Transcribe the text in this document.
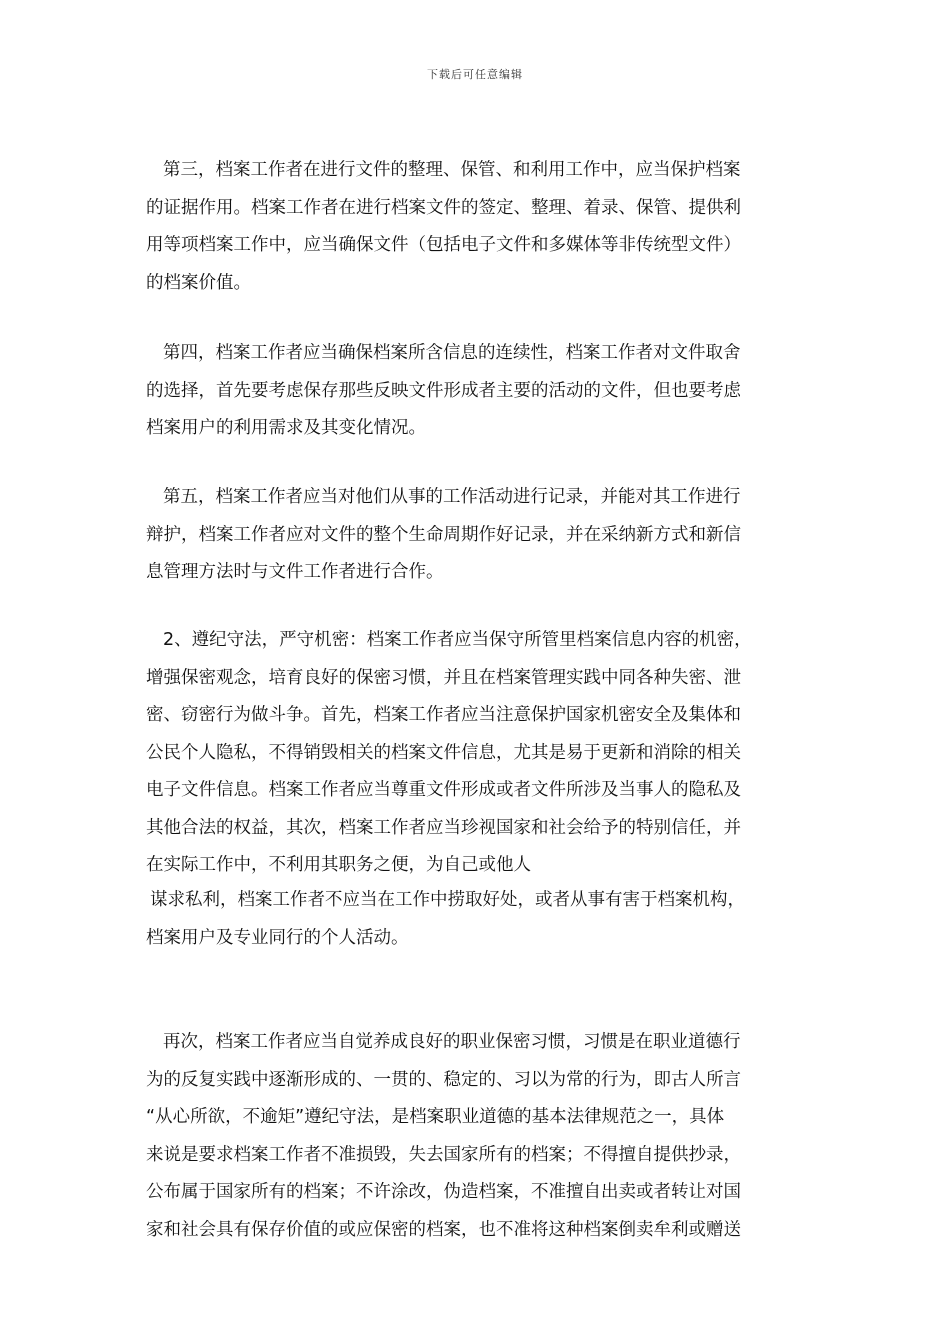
下载后可任意编辑
第三，档案工作者在进行文件的整理、保管、和利用工作中，应当保护档案
的证据作用。档案工作者在进行档案文件的签定、整理、着录、保管、提供利
用等项档案工作中，应当确保文件（包括电子文件和多媒体等非传统型文件）
的档案价值。
第四，档案工作者应当确保档案所含信息的连续性，档案工作者对文件取舍
的选择，首先要考虑保存那些反映文件形成者主要的活动的文件，但也要考虑
档案用户的利用需求及其变化情况。
第五，档案工作者应当对他们从事的工作活动进行记录，并能对其工作进行
辩护，档案工作者应对文件的整个生命周期作好记录，并在采纳新方式和新信
息管理方法时与文件工作者进行合作。
2、遵纪守法，严守机密：档案工作者应当保守所管里档案信息内容的机密，
增强保密观念，培育良好的保密习惯，并且在档案管理实践中同各种失密、泄
密、窃密行为做斗争。首先，档案工作者应当注意保护国家机密安全及集体和
公民个人隐私，不得销毁相关的档案文件信息，尤其是易于更新和消除的相关
电子文件信息。档案工作者应当尊重文件形成或者文件所涉及当事人的隐私及
其他合法的权益，其次，档案工作者应当珍视国家和社会给予的特别信任，并
在实际工作中，不利用其职务之便，为自己或他人
谋求私利，档案工作者不应当在工作中捞取好处，或者从事有害于档案机构，
档案用户及专业同行的个人活动。
再次，档案工作者应当自觉养成良好的职业保密习惯，习惯是在职业道德行
为的反复实践中逐渐形成的、一贯的、稳定的、习以为常的行为，即古人所言
“从心所欲，不逾矩”遵纪守法，是档案职业道德的基本法律规范之一，具体
来说是要求档案工作者不准损毁，失去国家所有的档案；不得擅自提供抄录，
公布属于国家所有的档案；不许涂改，伪造档案，不准擅自出卖或者转让对国
家和社会具有保存价值的或应保密的档案，也不准将这种档案倒卖牟利或赠送
